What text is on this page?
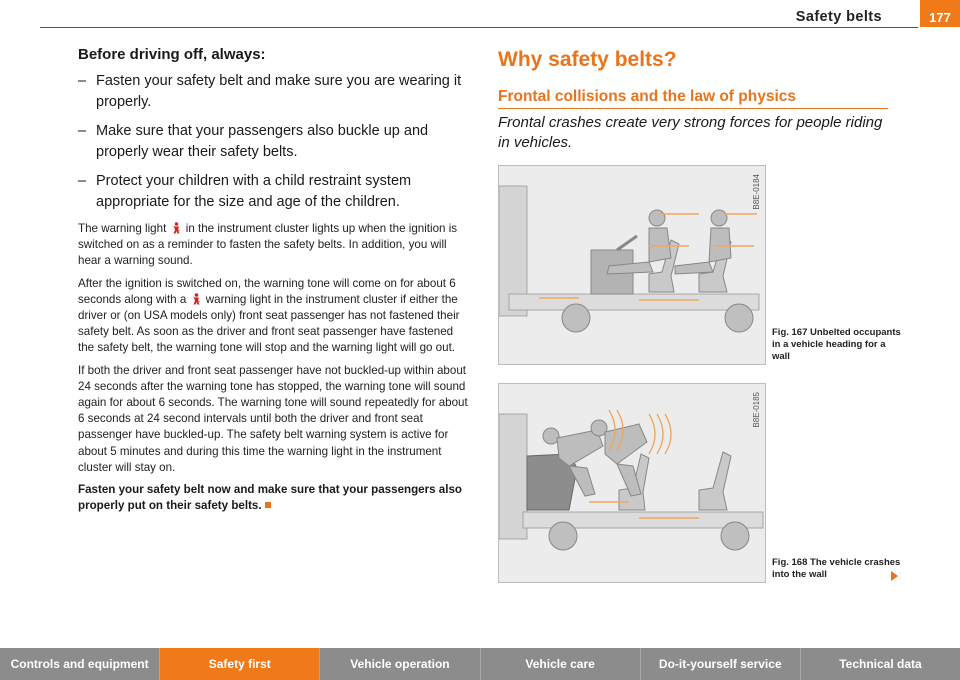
Safety belts	177

Before driving off, always:

– Fasten your safety belt and make sure you are wearing it properly.
– Make sure that your passengers also buckle up and properly wear their safety belts.
– Protect your children with a child restraint system appropriate for the size and age of the children.

The warning light in the instrument cluster lights up when the ignition is switched on as a reminder to fasten the safety belts. In addition, you will hear a warning sound.

After the ignition is switched on, the warning tone will come on for about 6 seconds along with a warning light in the instrument cluster if either the driver or (on USA models only) front seat passenger has not fastened their safety belt. As soon as the driver and front seat passenger have fastened the safety belt, the warning tone will stop and the warning light will go out.

If both the driver and front seat passenger have not buckled-up within about 24 seconds after the warning tone has stopped, the warning tone will sound again for about 6 seconds. The warning tone will sound repeatedly for about 6 seconds at 24 second intervals until both the driver and front seat passenger have buckled-up. The safety belt warning system is active for about 5 minutes and during this time the warning light in the instrument cluster will stay on.

Fasten your safety belt now and make sure that your passengers also properly put on their safety belts.

Why safety belts?
Frontal collisions and the law of physics
Frontal crashes create very strong forces for people riding in vehicles.
B8E-0184
Fig. 167 Unbelted occupants in a vehicle heading for a wall
B8E-0185
Fig. 168 The vehicle crashes into the wall
Controls and equipment	Safety first	Vehicle operation	Vehicle care	Do-it-yourself service	Technical data
